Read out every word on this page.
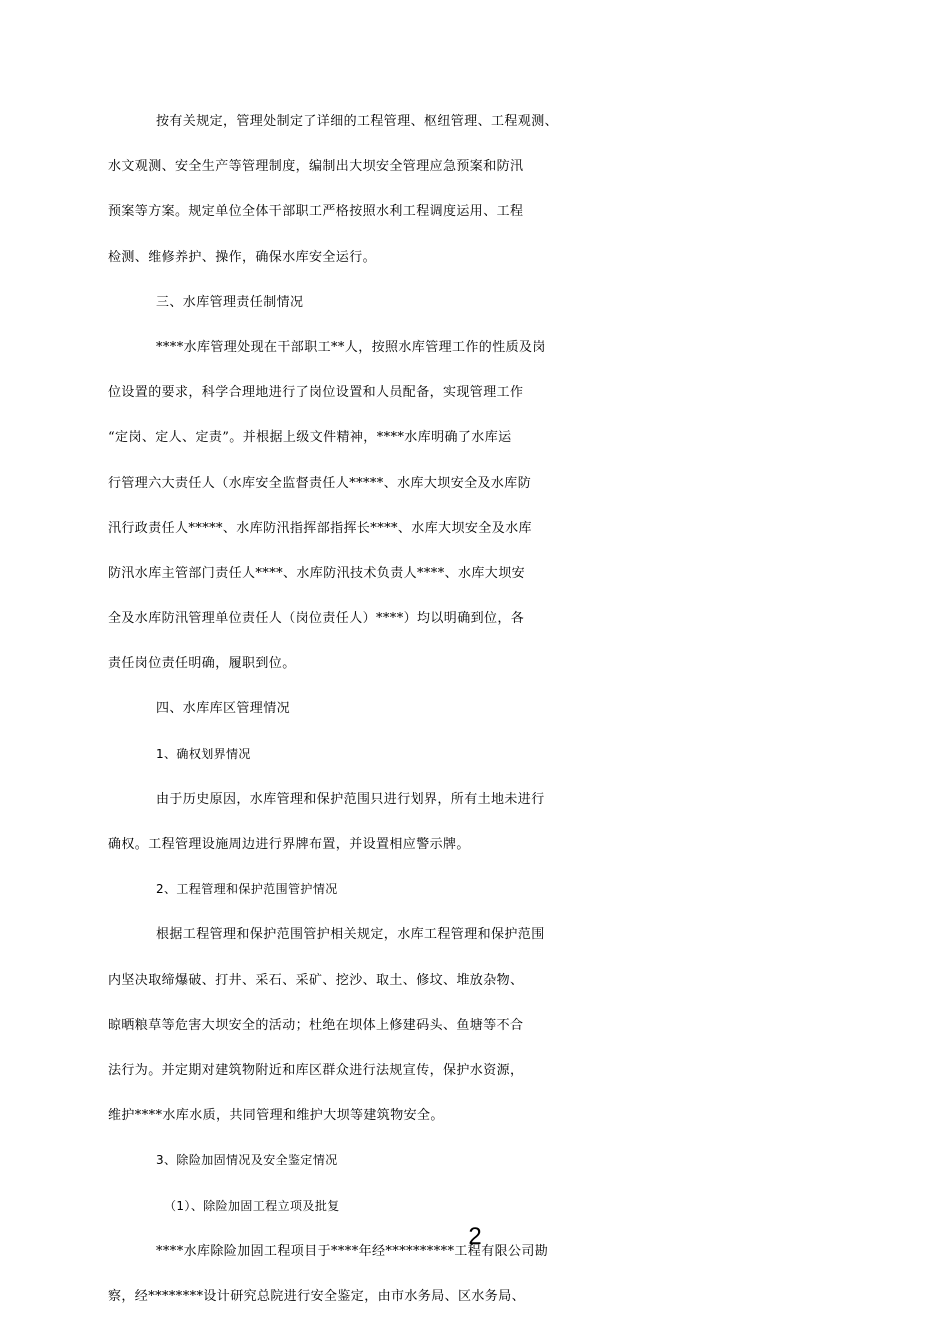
按有关规定，管理处制定了详细的工程管理、枢纽管理、工程观测、
水文观测、安全生产等管理制度，编制出大坝安全管理应急预案和防汛
预案等方案。规定单位全体干部职工严格按照水利工程调度运用、工程
检测、维修养护、操作，确保水库安全运行。
三、水库管理责任制情况
****水库管理处现在干部职工**人，按照水库管理工作的性质及岗
位设置的要求，科学合理地进行了岗位设置和人员配备，实现管理工作
“定岗、定人、定责”。并根据上级文件精神，****水库明确了水库运
行管理六大责任人（水库安全监督责任人*****、水库大坝安全及水库防
汛行政责任人*****、水库防汛指挥部指挥长****、水库大坝安全及水库
防汛水库主管部门责任人****、水库防汛技术负责人****、水库大坝安
全及水库防汛管理单位责任人（岗位责任人）****）均以明确到位，各
责任岗位责任明确，履职到位。
四、水库库区管理情况
1、确权划界情况
由于历史原因，水库管理和保护范围只进行划界，所有土地未进行
确权。工程管理设施周边进行界牌布置，并设置相应警示牌。
2、工程管理和保护范围管护情况
根据工程管理和保护范围管护相关规定，水库工程管理和保护范围
内坚决取缔爆破、打井、采石、采矿、挖沙、取土、修坟、堆放杂物、
晾晒粮草等危害大坝安全的活动；杜绝在坝体上修建码头、鱼塘等不合
法行为。并定期对建筑物附近和库区群众进行法规宣传，保护水资源，
维护****水库水质，共同管理和维护大坝等建筑物安全。
3、除险加固情况及安全鉴定情况
（1）、除险加固工程立项及批复
****水库除险加固工程项目于****年经**********工程有限公司勘
察，经********设计研究总院进行安全鉴定，由市水务局、区水务局、
2
